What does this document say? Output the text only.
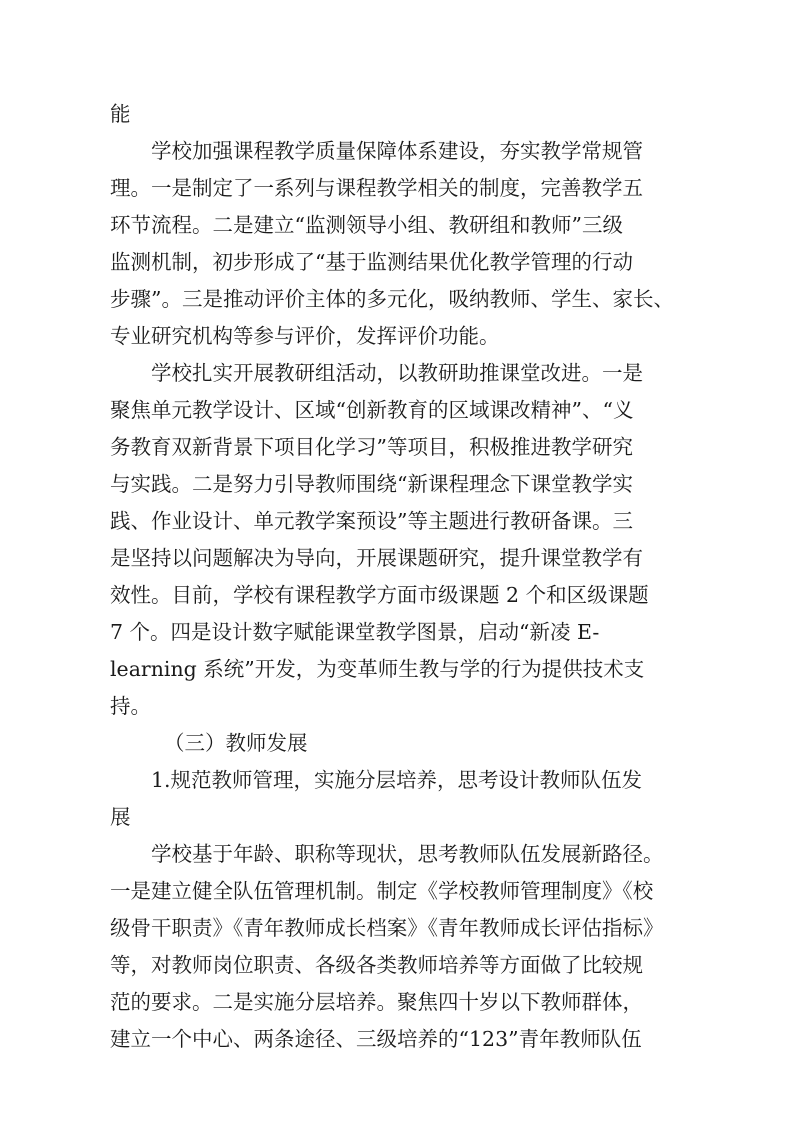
能
　　学校加强课程教学质量保障体系建设，夯实教学常规管
理。一是制定了一系列与课程教学相关的制度，完善教学五
环节流程。二是建立“监测领导小组、教研组和教师”三级
监测机制，初步形成了“基于监测结果优化教学管理的行动
步骤”。三是推动评价主体的多元化，吸纳教师、学生、家长、
专业研究机构等参与评价，发挥评价功能。
　　学校扎实开展教研组活动，以教研助推课堂改进。一是
聚焦单元教学设计、区域“创新教育的区域课改精神”、“义
务教育双新背景下项目化学习”等项目，积极推进教学研究
与实践。二是努力引导教师围绕“新课程理念下课堂教学实
践、作业设计、单元教学案预设”等主题进行教研备课。三
是坚持以问题解决为导向，开展课题研究，提升课堂教学有
效性。目前，学校有课程教学方面市级课题 2 个和区级课题
7 个。四是设计数字赋能课堂教学图景，启动“新凌 E-
learning 系统”开发，为变革师生教与学的行为提供技术支
持。
（三）教师发展
　　1.规范教师管理，实施分层培养，思考设计教师队伍发
展
　　学校基于年龄、职称等现状，思考教师队伍发展新路径。
一是建立健全队伍管理机制。制定《学校教师管理制度》《校
级骨干职责》《青年教师成长档案》《青年教师成长评估指标》
等，对教师岗位职责、各级各类教师培养等方面做了比较规
范的要求。二是实施分层培养。聚焦四十岁以下教师群体，
建立一个中心、两条途径、三级培养的“123”青年教师队伍
